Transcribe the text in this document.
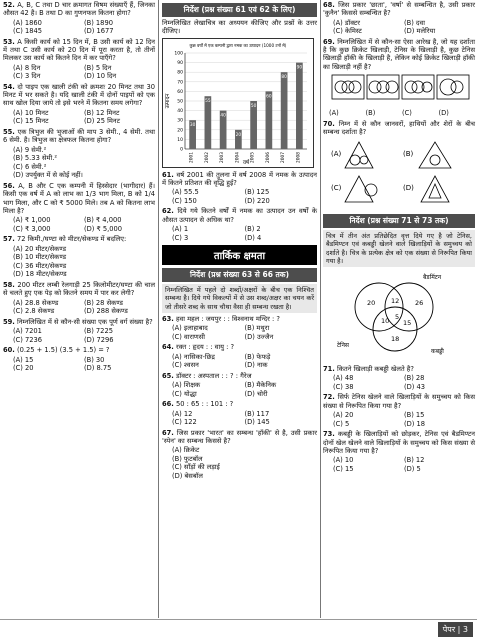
52. A, B, C तथा D चार क्रमागत विषम संख्याएँ हैं, जिनका औसत 42 है। B तथा D का गुणनफल कितना होगा?
(A) 1860	(B) 1890
(C) 1845	(D) 1677
53. A किसी कार्य को 15 दिन में, B उसी कार्य को 12 दिन में तथा C उसी कार्य को 20 दिन में पूरा करता है, तो तीनों मिलकर उस कार्य को कितने दिन में कर पाएँगे?
(A) 8 दिन	(B) 5 दिन
(C) 3 दिन	(D) 10 दिन
54. दो पाइप एक खाली टंकी को क्रमशः 20 मिनट तथा 30 मिनट में भर सकते है। यदि खाली टंकी में दोनों पाइपों को एक साथ खोल दिया जाये तो इसे भरने में कितना समय लगेगा?
(A) 10 मिनट	(B) 12 मिनट
(C) 15 मिनट	(D) 25 मिनट
55. एक त्रिभुज की भुजाओं की माप 3 सेमी., 4 सेमी. तथा 6 सेमी. है। त्रिभुज का क्षेत्रफल कितना होगा?
(A) 9 सेमी.²
(B) 5.33 सेमी.²
(C) 6 सेमी.²
(D) उपर्युक्त में से कोई नहीं।
56. A, B और C एक कम्पनी में हिस्सेदार (भागीदार) हैं। किसी एक वर्ष में A को लाभ का 1/3 भाग मिला, B को 1/4 भाग मिला, और C को ₹ 5000 मिले। तब A को कितना लाभ मिला है?
(A) ₹ 1,000	(B) ₹ 4,000
(C) ₹ 3,000	(D) ₹ 5,000
57. 72 किमी./घण्टा को मीटर/सेकण्ड में बदलिए:
(A) 20 मीटर/सेकण्ड
(B) 10 मीटर/सेकण्ड
(C) 36 मीटर/सेकण्ड
(D) 18 मीटर/सेकण्ड
58. 200 मीटर लम्बी रेलगाड़ी 25 किलोमीटर/घण्टा की चाल से चलते हुए एक पेड़ को कितने समय में पार कर लेगी?
(A) 28.8 सेकण्ड	(B) 28 सेकण्ड
(C) 2.8 सेकण्ड	(D) 288 सेकण्ड
59. निम्नलिखित में से कौन-सी संख्या एक पूर्ण वर्ग संख्या है?
(A) 7201	(B) 7225
(C) 7236	(D) 7296
60. (0.25 + 1.5) (3.5 + 1.5) = ?
(A) 15	(B) 30
(C) 20	(D) 8.75
निर्देश (प्रश्न संख्या 61 एवं 62 के लिए)
निम्नलिखित लेखाचित्र का अध्ययन कीजिए और प्रश्नों के उत्तर दीजिए।
कुछ वर्षों में एक कम्पनी द्वारा नमक का उत्पादन (1000 टनों में)
उत्पादन
वर्ष
0
10
20
30
40
50
60
70
80
90
100
30
2001
55
2002
40
2003
20
2004
50
2005
60
2006
80
2007
90
2008
61. वर्ष 2001 की तुलना में वर्ष 2008 में नमक के उत्पादन में कितने प्रतिशत की वृद्धि हुई?
(A) 55.5	(B) 125
(C) 150	(D) 220
62. दिये गये कितने वर्षों में नमक का उत्पादन उन वर्षों के औसत उत्पादन से अधिक था?
(A) 1	(B) 2
(C) 3	(D) 4
तार्किक क्षमता
निर्देश (प्रश्न संख्या 63 से 66 तक)
निम्नलिखित में पहले दो शब्दों/अक्षरों के बीच एक निश्चित सम्बन्ध है। दिये गये विकल्पों में से उस शब्द/अक्षर का चयन करें जो तीसरे शब्द के साथ चौथा वैसा ही सम्बन्ध रखता है।
63. हवा महल : जयपुर : : विश्वनाथ मन्दिर : ?
(A) इलाहाबाद	(B) मथुरा
(C) वाराणसी	(D) उज्जैन
64. रक्त : हृदय : : वायु : ?
(A) नासिका-छिद्र	(B) फेफड़े
(C) श्वसन	(D) नाक
65. डॉक्टर : अस्पताल : : ? : गैरेज
(A) शिक्षक	(B) मैकेनिक
(C) योद्धा	(D) चोरी
66. 50 : 65 : : 101 : ?
(A) 12	(B) 117
(C) 122	(D) 145
67. जिस प्रकार 'भारत' का सम्बन्ध 'हॉकी' से है, उसी प्रकार 'स्पेन' का सम्बन्ध किससे है?
(A) क्रिकेट
(B) फुटबॉल
(C) साँड़ों की लड़ाई
(D) बेसबॉल
68. जिस प्रकार 'छाता', 'वर्षा' से सम्बन्धित है, उसी प्रकार 'कुनैन' किससे सम्बन्धित है?
(A) डॉक्टर	(B) दवा
(C) केमिस्ट	(D) मलेरिया
69. निम्नलिखित में से कौन-सा ऐसा आरेख है, जो यह दर्शाता है कि कुछ क्रिकेट खिलाड़ी, टेनिस के खिलाड़ी है, कुछ टेनिस खिलाड़ी हॉकी के खिलाड़ी है, लेकिन कोई क्रिकेट खिलाड़ी हॉकी का खिलाड़ी नहीं है?
(A)	(B)	(C)	(D)
70. निम्न में से कौन जानवरों, हाथियों और शेरों के बीच सम्बन्ध दर्शाता है?
(A)	(B)
(C)	(D)
निर्देश (प्रश्न संख्या 71 से 73 तक)
चित्र में तीन अंत प्रतिछेदित वृत्त दिये गए है जो टेनिस, बैडमिण्टन एवं कबड्डी खेलने वाले खिलाड़ियों के समुच्चय को दर्शाते है। चित्र के प्रत्येक क्षेत्र को एक संख्या से निरूपित किया गया है।
बैडमिंटन
टेनिस
कबड्डी
20 12 26
10 5
15
18
71. कितने खिलाड़ी कबड्डी खेलते है?
(A) 48	(B) 28
(C) 38	(D) 43
72. सिर्फ टेनिस खेलने वाले खिलाड़ियों के समुच्चय को किस संख्या से निरूपित किया गया है?
(A) 20	(B) 15
(C) 5	(D) 18
73. कबड्डी के खिलाड़ियों को छोड़कर, टेनिस एवं बैडमिण्टन दोनों खेल खेलने वाले खिलाड़ियों के समुच्चय को किस संख्या से निरूपित किया गया है?
(A) 10	(B) 12
(C) 15	(D) 5
पेपर | 3
